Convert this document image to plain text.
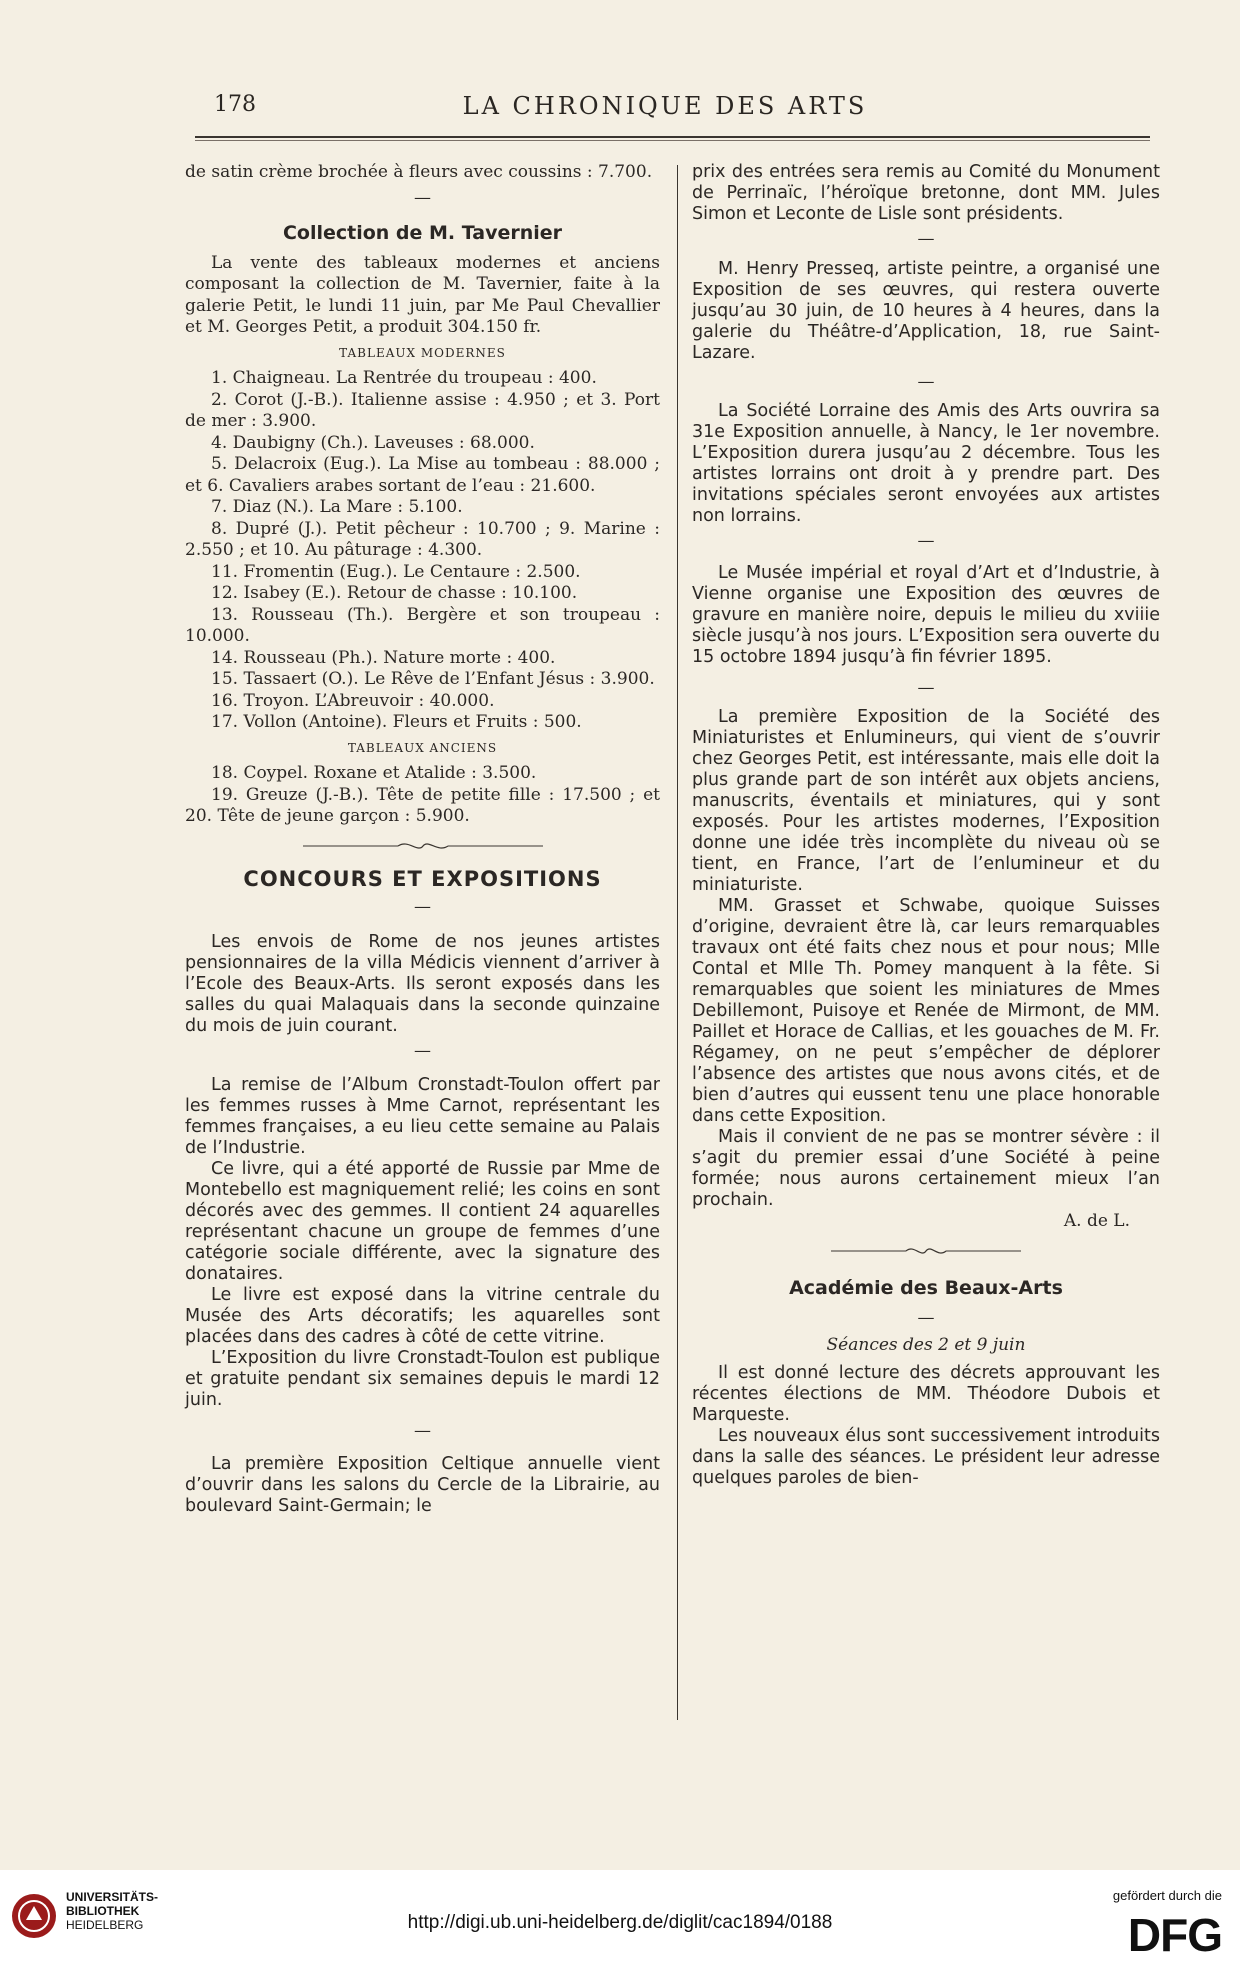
178	LA CHRONIQUE DES ARTS

de satin crème brochée à fleurs avec coussins : 7.700.

—
Collection de M. Tavernier

La vente des tableaux modernes et anciens composant la collection de M. Tavernier, faite à la galerie Petit, le lundi 11 juin, par Me Paul Chevallier et M. Georges Petit, a produit 304.150 fr.

TABLEAUX MODERNES

1. Chaigneau. La Rentrée du troupeau : 400.

2. Corot (J.-B.). Italienne assise : 4.950 ; et 3. Port de mer : 3.900.

4. Daubigny (Ch.). Laveuses : 68.000.

5. Delacroix (Eug.). La Mise au tombeau : 88.000 ; et 6. Cavaliers arabes sortant de l’eau : 21.600.

7. Diaz (N.). La Mare : 5.100.

8. Dupré (J.). Petit pêcheur : 10.700 ; 9. Marine : 2.550 ; et 10. Au pâturage : 4.300.

11. Fromentin (Eug.). Le Centaure : 2.500.

12. Isabey (E.). Retour de chasse : 10.100.

13. Rousseau (Th.). Bergère et son troupeau : 10.000.

14. Rousseau (Ph.). Nature morte : 400.

15. Tassaert (O.). Le Rêve de l’Enfant Jésus : 3.900.

16. Troyon. L’Abreuvoir : 40.000.

17. Vollon (Antoine). Fleurs et Fruits : 500.

TABLEAUX ANCIENS

18. Coypel. Roxane et Atalide : 3.500.

19. Greuze (J.-B.). Tête de petite fille : 17.500 ; et 20. Tête de jeune garçon : 5.900.

CONCOURS ET EXPOSITIONS
—

Les envois de Rome de nos jeunes artistes pensionnaires de la villa Médicis viennent d’arriver à l’Ecole des Beaux-Arts. Ils seront exposés dans les salles du quai Malaquais dans la seconde quinzaine du mois de juin courant.

—

La remise de l’Album Cronstadt-Toulon offert par les femmes russes à Mme Carnot, représentant les femmes françaises, a eu lieu cette semaine au Palais de l’Industrie.

Ce livre, qui a été apporté de Russie par Mme de Montebello est magniquement relié; les coins en sont décorés avec des gemmes. Il contient 24 aquarelles représentant chacune un groupe de femmes d’une catégorie sociale différente, avec la signature des donataires.

Le livre est exposé dans la vitrine centrale du Musée des Arts décoratifs; les aquarelles sont placées dans des cadres à côté de cette vitrine.

L’Exposition du livre Cronstadt-Toulon est publique et gratuite pendant six semaines depuis le mardi 12 juin.

—

La première Exposition Celtique annuelle vient d’ouvrir dans les salons du Cercle de la Librairie, au boulevard Saint-Germain; le

prix des entrées sera remis au Comité du Monument de Perrinaïc, l’héroïque bretonne, dont MM. Jules Simon et Leconte de Lisle sont présidents.

—

M. Henry Presseq, artiste peintre, a organisé une Exposition de ses œuvres, qui restera ouverte jusqu’au 30 juin, de 10 heures à 4 heures, dans la galerie du Théâtre-d’Application, 18, rue Saint-Lazare.

—

La Société Lorraine des Amis des Arts ouvrira sa 31e Exposition annuelle, à Nancy, le 1er novembre. L’Exposition durera jusqu’au 2 décembre. Tous les artistes lorrains ont droit à y prendre part. Des invitations spéciales seront envoyées aux artistes non lorrains.

—

Le Musée impérial et royal d’Art et d’Industrie, à Vienne organise une Exposition des œuvres de gravure en manière noire, depuis le milieu du xviiie siècle jusqu’à nos jours. L’Exposition sera ouverte du 15 octobre 1894 jusqu’à fin février 1895.

—

La première Exposition de la Société des Miniaturistes et Enlumineurs, qui vient de s’ouvrir chez Georges Petit, est intéressante, mais elle doit la plus grande part de son intérêt aux objets anciens, manuscrits, éventails et miniatures, qui y sont exposés. Pour les artistes modernes, l’Exposition donne une idée très incomplète du niveau où se tient, en France, l’art de l’enlumineur et du miniaturiste.

MM. Grasset et Schwabe, quoique Suisses d’origine, devraient être là, car leurs remarquables travaux ont été faits chez nous et pour nous; Mlle Contal et Mlle Th. Pomey manquent à la fête. Si remarquables que soient les miniatures de Mmes Debillemont, Puisoye et Renée de Mirmont, de MM. Paillet et Horace de Callias, et les gouaches de M. Fr. Régamey, on ne peut s’empêcher de déplorer l’absence des artistes que nous avons cités, et de bien d’autres qui eussent tenu une place honorable dans cette Exposition.

Mais il convient de ne pas se montrer sévère : il s’agit du premier essai d’une Société à peine formée; nous aurons certainement mieux l’an prochain.

A. de L.

Académie des Beaux-Arts
—
Séances des 2 et 9 juin

Il est donné lecture des décrets approuvant les récentes élections de MM. Théodore Dubois et Marqueste.

Les nouveaux élus sont successivement introduits dans la salle des séances. Le président leur adresse quelques paroles de bien-

UNIVERSITÄTS-
BIBLIOTHEK
HEIDELBERG	http://digi.ub.uni-heidelberg.de/diglit/cac1894/0188
gefördert durch die
DFG
